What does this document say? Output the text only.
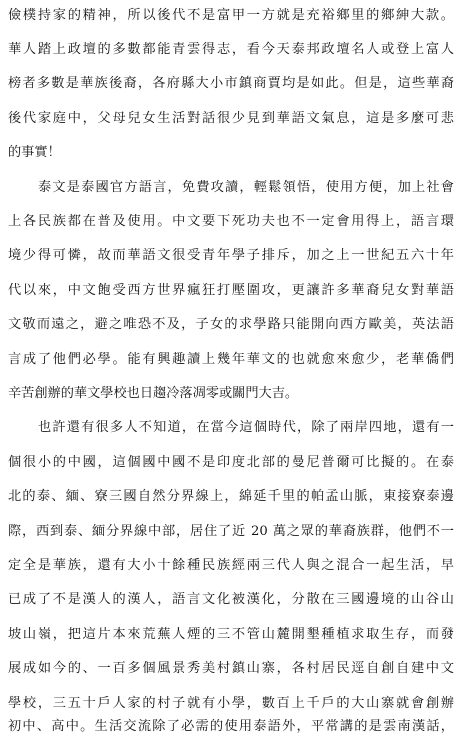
儉樸持家的精神，所以後代不是富甲一方就是充裕鄉里的鄉紳大款。
華人踏上政壇的多數都能青雲得志，看今天泰邦政壇名人或登上富人
榜者多數是華族後裔，各府縣大小市鎮商賈均是如此。但是，這些華裔
後代家庭中，父母兒女生活對話很少見到華語文氣息，這是多麼可悲
的事實！
泰文是泰國官方語言，免費攻讀，輕鬆領悟，使用方便，加上社會
上各民族都在普及使用。中文要下死功夫也不一定會用得上，語言環
境少得可憐，故而華語文很受青年學子排斥，加之上一世紀五六十年
代以來，中文飽受西方世界瘋狂打壓圍攻，更讓許多華裔兒女對華語
文敬而遠之，避之唯恐不及，子女的求學路只能開向西方歐美，英法語
言成了他們必學。能有興趣讀上幾年華文的也就愈來愈少，老華僑們
辛苦創辦的華文學校也日趨冷落凋零或關門大吉。
也許還有很多人不知道，在當今這個時代，除了兩岸四地，還有一
個很小的中國，這個國中國不是印度北部的曼尼普爾可比擬的。在泰
北的泰、緬、寮三國自然分界線上，綿延千里的帕孟山脈，東接寮泰邊
際，西到泰、緬分界線中部，居住了近 20 萬之眾的華裔族群，他們不一
定全是華族，還有大小十餘種民族經兩三代人與之混合一起生活，早
已成了不是漢人的漢人，語言文化被漢化，分散在三國邊境的山谷山
坡山嶺，把這片本來荒蕪人煙的三不管山麓開墾種植求取生存，而發
展成如今的、一百多個風景秀美村鎮山寨，各村居民逕自創自建中文
學校，三五十戶人家的村子就有小學，數百上千戶的大山寨就會創辦
初中、高中。生活交流除了必需的使用泰語外，平常講的是雲南漢話，
